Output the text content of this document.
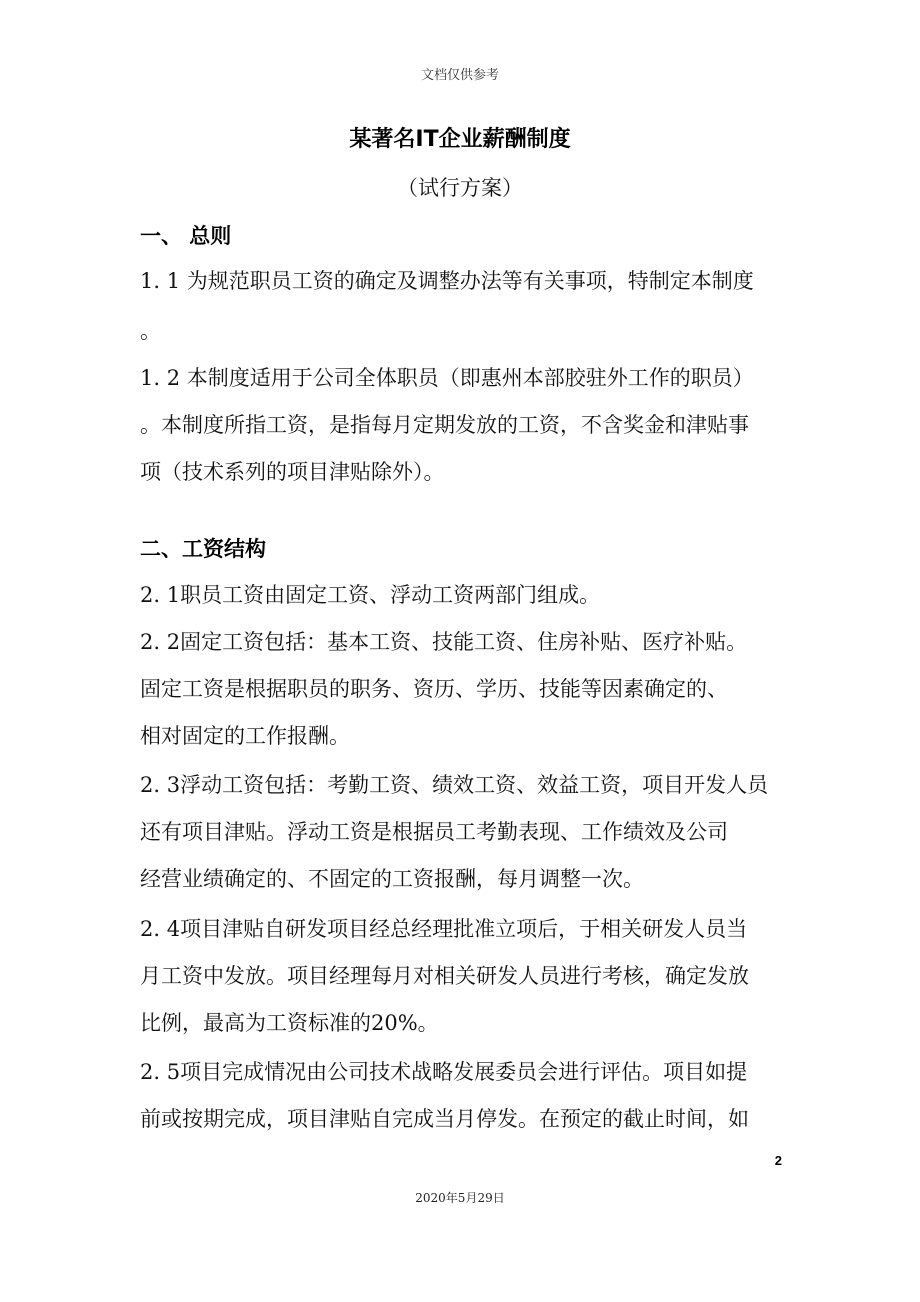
文档仅供参考
某著名IT企业薪酬制度
（试行方案）
一、 总则
1. 1 为规范职员工资的确定及调整办法等有关事项，特制定本制度
。
1. 2 本制度适用于公司全体职员（即惠州本部胶驻外工作的职员）
。本制度所指工资，是指每月定期发放的工资，不含奖金和津贴事
项（技术系列的项目津贴除外）。
二、工资结构
2. 1职员工资由固定工资、浮动工资两部门组成。
2. 2固定工资包括：基本工资、技能工资、住房补贴、医疗补贴。
固定工资是根据职员的职务、资历、学历、技能等因素确定的、
相对固定的工作报酬。
2. 3浮动工资包括：考勤工资、绩效工资、效益工资，项目开发人员
还有项目津贴。浮动工资是根据员工考勤表现、工作绩效及公司
经营业绩确定的、不固定的工资报酬，每月调整一次。
2. 4项目津贴自研发项目经总经理批准立项后，于相关研发人员当
月工资中发放。项目经理每月对相关研发人员进行考核，确定发放
比例，最高为工资标准的20%。
2. 5项目完成情况由公司技术战略发展委员会进行评估。项目如提
前或按期完成，项目津贴自完成当月停发。在预定的截止时间，如
2
2020年5月29日
